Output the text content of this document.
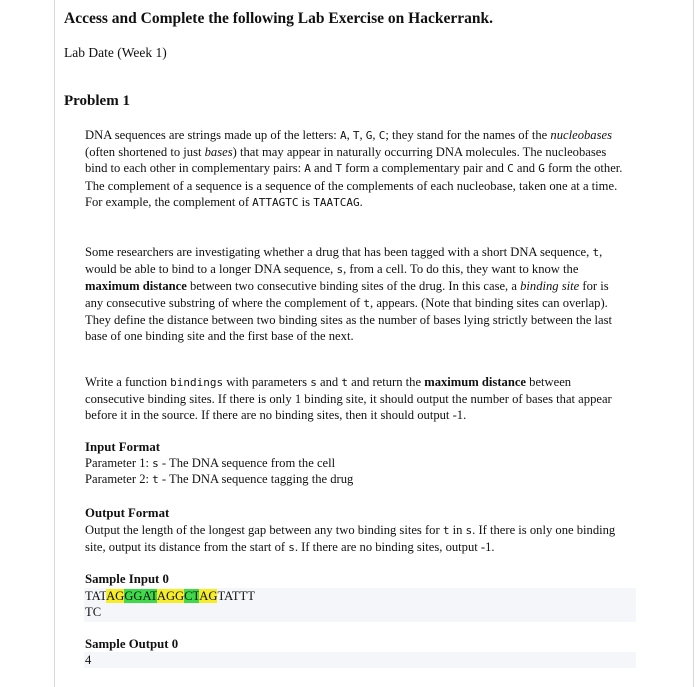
Access and Complete the following Lab Exercise on Hackerrank.
Lab Date (Week 1)
Problem 1

DNA sequences are strings made up of the letters: A, T, G, C; they stand for the names of the nucleobases (often shortened to just bases) that may appear in naturally occurring DNA molecules. The nucleobases bind to each other in complementary pairs: A and T form a complementary pair and C and G form the other. The complement of a sequence is a sequence of the complements of each nucleobase, taken one at a time. For example, the complement of ATTAGTC is TAATCAG.

Some researchers are investigating whether a drug that has been tagged with a short DNA sequence, t, would be able to bind to a longer DNA sequence, s, from a cell. To do this, they want to know the maximum distance between two consecutive binding sites of the drug. In this case, a binding site for is any consecutive substring of where the complement of t, appears. (Note that binding sites can overlap). They define the distance between two binding sites as the number of bases lying strictly between the last base of one binding site and the first base of the next.

Write a function bindings with parameters s and t and return the maximum distance between consecutive binding sites. If there is only 1 binding site, it should output the number of bases that appear before it in the source. If there are no binding sites, then it should output -1.

Input Format
Parameter 1: s - The DNA sequence from the cell
Parameter 2: t - The DNA sequence tagging the drug
Output Format

Output the length of the longest gap between any two binding sites for t in s. If there is only one binding site, output its distance from the start of s. If there are no binding sites, output -1.

Sample Input 0
TATAGGGATAGGCTAGTATTT
TC
Sample Output 0
4
